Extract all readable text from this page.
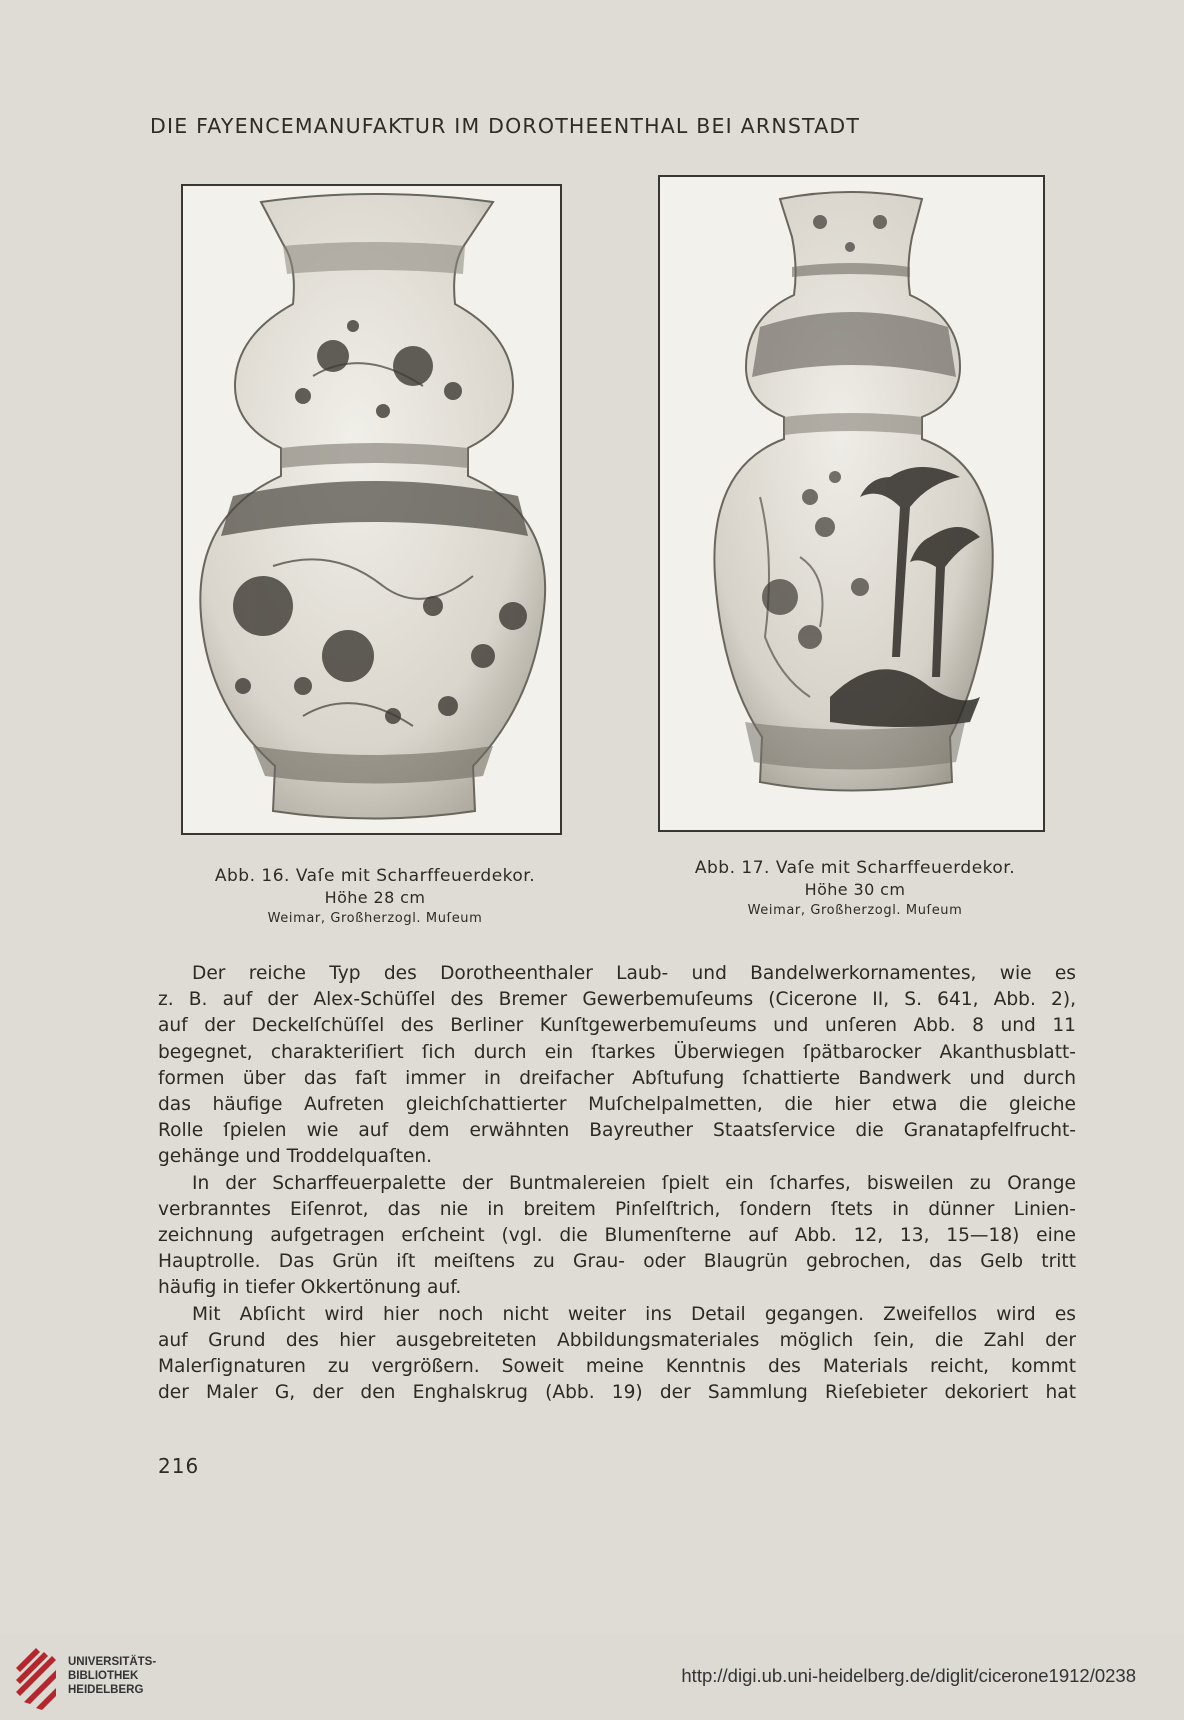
DIE FAYENCEMANUFAKTUR IM DOROTHEENTHAL BEI ARNSTADT
Abb. 16. Vaſe mit Scharffeuerdekor.
Höhe 28 cm
Weimar, Großherzogl. Muſeum
Abb. 17. Vaſe mit Scharffeuerdekor.
Höhe 30 cm
Weimar, Großherzogl. Muſeum

Der reiche Typ des Dorotheenthaler Laub- und Bandelwerkornamentes, wie es

z. B. auf der Alex-Schüſſel des Bremer Gewerbemuſeums (Cicerone II, S. 641, Abb. 2),

auf der Deckelſchüſſel des Berliner Kunſtgewerbemuſeums und unſeren Abb. 8 und 11

begegnet, charakteriſiert ſich durch ein ſtarkes Überwiegen ſpätbarocker Akanthusblatt-

formen über das faſt immer in dreifacher Abſtufung ſchattierte Bandwerk und durch

das häufige Aufreten gleichſchattierter Muſchelpalmetten, die hier etwa die gleiche

Rolle ſpielen wie auf dem erwähnten Bayreuther Staatsſervice die Granatapfelfrucht-

gehänge und Troddelquaſten.

In der Scharffeuerpalette der Buntmalereien ſpielt ein ſcharfes, bisweilen zu Orange

verbranntes Eiſenrot, das nie in breitem Pinſelſtrich, ſondern ſtets in dünner Linien-

zeichnung aufgetragen erſcheint (vgl. die Blumenſterne auf Abb. 12, 13, 15—18) eine

Hauptrolle. Das Grün iſt meiſtens zu Grau- oder Blaugrün gebrochen, das Gelb tritt

häufig in tiefer Okkertönung auf.

Mit Abſicht wird hier noch nicht weiter ins Detail gegangen. Zweifellos wird es

auf Grund des hier ausgebreiteten Abbildungsmateriales möglich ſein, die Zahl der

Malerſignaturen zu vergrößern. Soweit meine Kenntnis des Materials reicht, kommt

der Maler G, der den Enghalskrug (Abb. 19) der Sammlung Rieſebieter dekoriert hat

216
UNIVERSITÄTS-
BIBLIOTHEK
HEIDELBERG
http://digi.ub.uni-heidelberg.de/diglit/cicerone1912/0238
